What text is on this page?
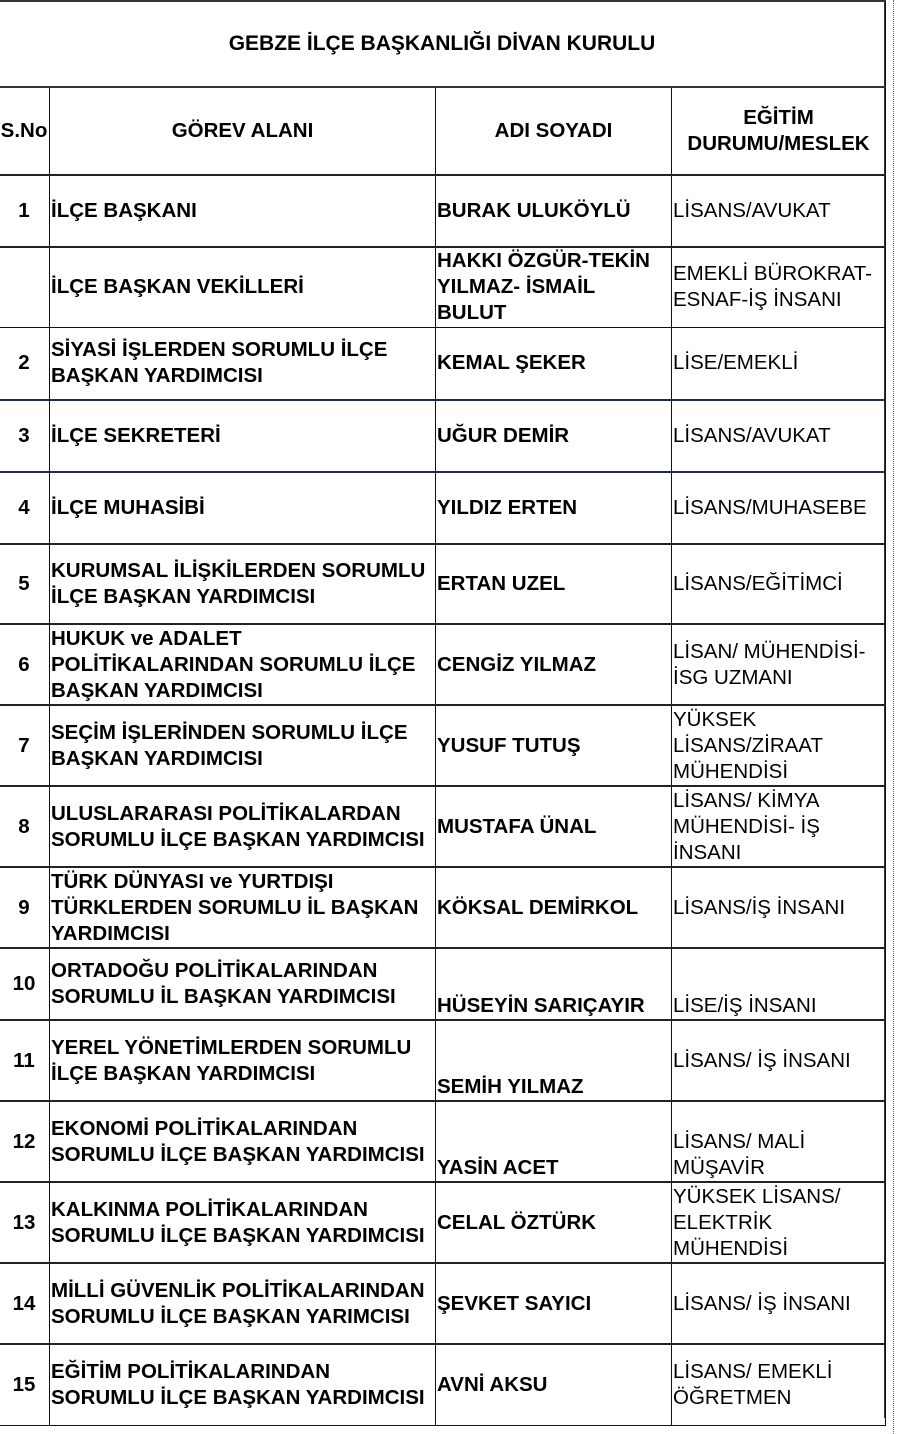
GEBZE İLÇE BAŞKANLIĞI DİVAN KURULU			
S.No	GÖREV ALANI	ADI SOYADI	EĞİTİM
DURUMU/MESLEK

1	İLÇE BAŞKANI	BURAK ULUKÖYLÜ	LİSANS/AVUKAT
	İLÇE BAŞKAN VEKİLLERİ	HAKKI ÖZGÜR-TEKİN YILMAZ- İSMAİL BULUT	EMEKLİ BÜROKRAT-ESNAF-İŞ İNSANI
2	SİYASİ İŞLERDEN SORUMLU İLÇE BAŞKAN YARDIMCISI	KEMAL ŞEKER	LİSE/EMEKLİ
3	İLÇE SEKRETERİ	UĞUR DEMİR	LİSANS/AVUKAT
4	İLÇE MUHASİBİ	YILDIZ ERTEN	LİSANS/MUHASEBE
5	KURUMSAL İLİŞKİLERDEN SORUMLU İLÇE BAŞKAN YARDIMCISI	ERTAN UZEL	LİSANS/EĞİTİMCİ
6	HUKUK ve ADALET POLİTİKALARINDAN SORUMLU İLÇE BAŞKAN YARDIMCISI	CENGİZ YILMAZ	LİSAN/ MÜHENDİSİ-İSG UZMANI
7	SEÇİM İŞLERİNDEN SORUMLU İLÇE BAŞKAN YARDIMCISI	YUSUF TUTUŞ	YÜKSEK LİSANS/ZİRAAT MÜHENDİSİ
8	ULUSLARARASI POLİTİKALARDAN SORUMLU İLÇE BAŞKAN YARDIMCISI	MUSTAFA ÜNAL	LİSANS/ KİMYA MÜHENDİSİ- İŞ İNSANI
9	TÜRK DÜNYASI ve YURTDIŞI TÜRKLERDEN SORUMLU İL BAŞKAN YARDIMCISI	KÖKSAL DEMİRKOL	LİSANS/İŞ İNSANI
10	ORTADOĞU POLİTİKALARINDAN SORUMLU İL BAŞKAN YARDIMCISI	HÜSEYİN SARIÇAYIR	LİSE/İŞ İNSANI
11	YEREL YÖNETİMLERDEN SORUMLU İLÇE BAŞKAN YARDIMCISI	SEMİH YILMAZ	LİSANS/ İŞ İNSANI
12	EKONOMİ POLİTİKALARINDAN SORUMLU İLÇE BAŞKAN YARDIMCISI	YASİN ACET	LİSANS/ MALİ MÜŞAVİR
13	KALKINMA POLİTİKALARINDAN SORUMLU İLÇE BAŞKAN YARDIMCISI	CELAL ÖZTÜRK	YÜKSEK LİSANS/ ELEKTRİK MÜHENDİSİ
14	MİLLİ GÜVENLİK POLİTİKALARINDAN SORUMLU İLÇE BAŞKAN YARIMCISI	ŞEVKET SAYICI	LİSANS/ İŞ İNSANI
15	EĞİTİM POLİTİKALARINDAN SORUMLU İLÇE BAŞKAN YARDIMCISI	AVNİ AKSU	LİSANS/ EMEKLİ ÖĞRETMEN
